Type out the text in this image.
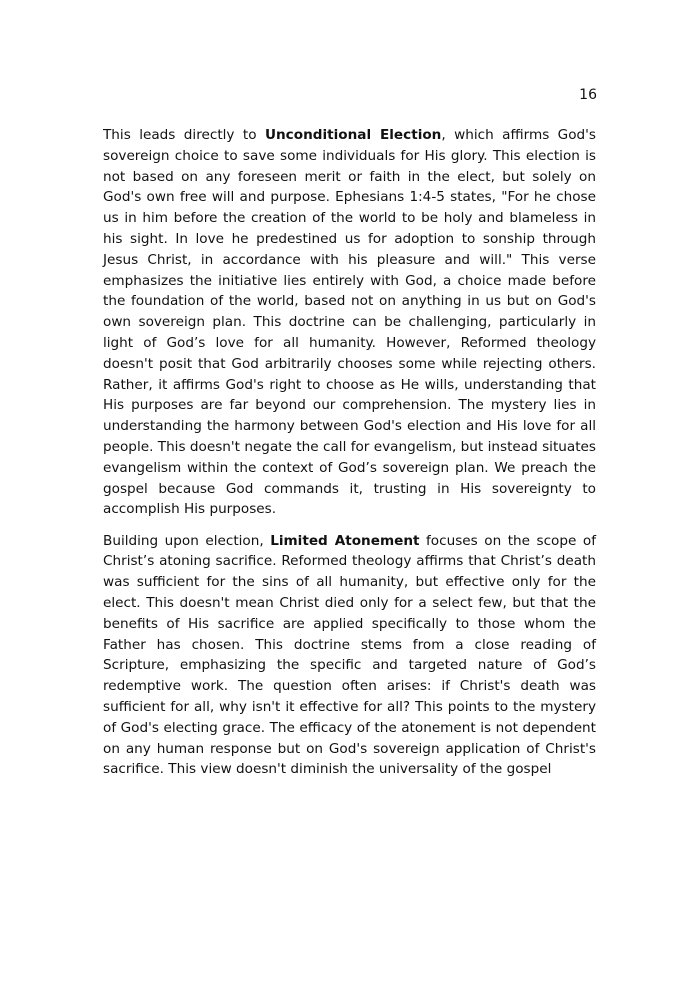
16

This leads directly to Unconditional Election, which affirms God's sovereign choice to save some individuals for His glory. This election is not based on any foreseen merit or faith in the elect, but solely on God's own free will and purpose. Ephesians 1:4-5 states, "For he chose us in him before the creation of the world to be holy and blameless in his sight. In love he predestined us for adoption to sonship through Jesus Christ, in accordance with his pleasure and will." This verse emphasizes the initiative lies entirely with God, a choice made before the foundation of the world, based not on anything in us but on God's own sovereign plan. This doctrine can be challenging, particularly in light of God’s love for all humanity. However, Reformed theology doesn't posit that God arbitrarily chooses some while rejecting others. Rather, it affirms God's right to choose as He wills, understanding that His purposes are far beyond our comprehension. The mystery lies in understanding the harmony between God's election and His love for all people. This doesn't negate the call for evangelism, but instead situates evangelism within the context of God’s sovereign plan. We preach the gospel because God commands it, trusting in His sovereignty to accomplish His purposes.

Building upon election, Limited Atonement focuses on the scope of Christ’s atoning sacrifice. Reformed theology affirms that Christ’s death was sufficient for the sins of all humanity, but effective only for the elect. This doesn't mean Christ died only for a select few, but that the benefits of His sacrifice are applied specifically to those whom the Father has chosen. This doctrine stems from a close reading of Scripture, emphasizing the specific and targeted nature of God’s redemptive work. The question often arises: if Christ's death was sufficient for all, why isn't it effective for all? This points to the mystery of God's electing grace. The efficacy of the atonement is not dependent on any human response but on God's sovereign application of Christ's sacrifice. This view doesn't diminish the universality of the gospel
